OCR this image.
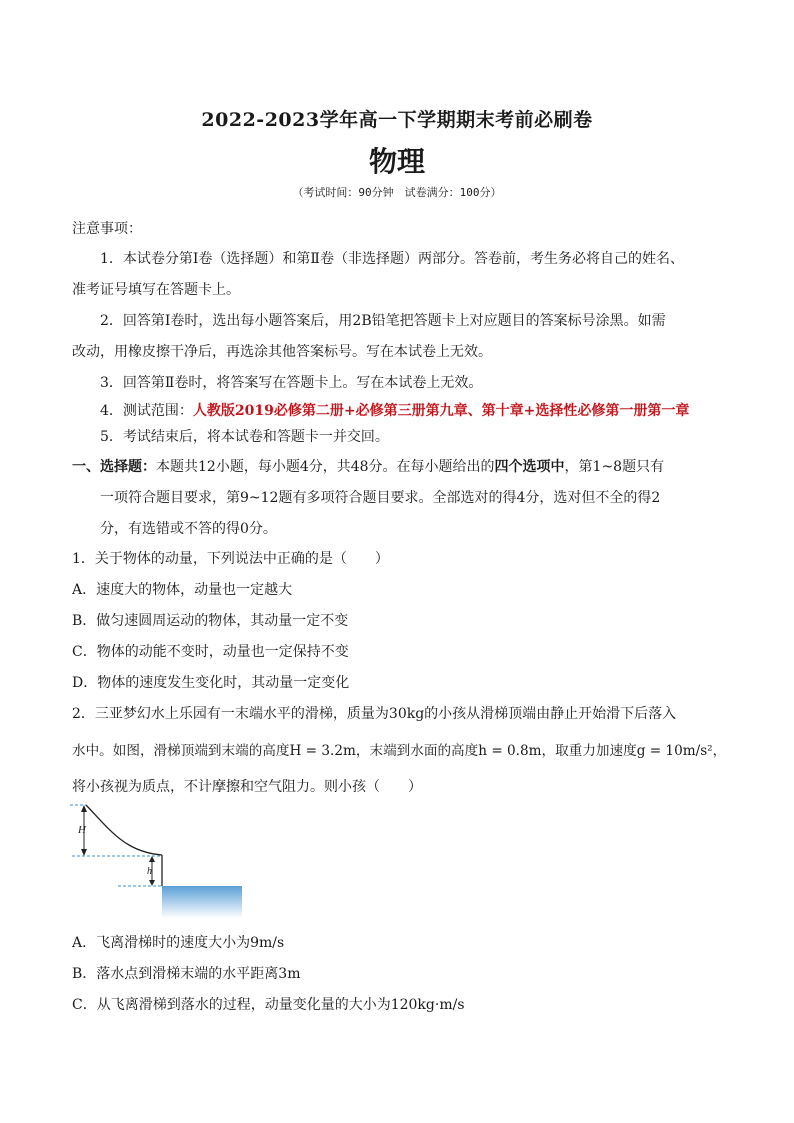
2022-2023学年高一下学期期末考前必刷卷
物理
（考试时间：90分钟　试卷满分：100分）
注意事项：
1．本试卷分第Ⅰ卷（选择题）和第Ⅱ卷（非选择题）两部分。答卷前，考生务必将自己的姓名、
准考证号填写在答题卡上。
2．回答第Ⅰ卷时，选出每小题答案后，用2B铅笔把答题卡上对应题目的答案标号涂黑。如需
改动，用橡皮擦干净后，再选涂其他答案标号。写在本试卷上无效。
3．回答第Ⅱ卷时，将答案写在答题卡上。写在本试卷上无效。
4．测试范围：人教版2019必修第二册+必修第三册第九章、第十章+选择性必修第一册第一章
5．考试结束后，将本试卷和答题卡一并交回。
一、选择题：本题共12小题，每小题4分，共48分。在每小题给出的四个选项中，第1~8题只有
一项符合题目要求，第9~12题有多项符合题目要求。全部选对的得4分，选对但不全的得2
分，有选错或不答的得0分。
1．关于物体的动量，下列说法中正确的是（　　）
A．速度大的物体，动量也一定越大
B．做匀速圆周运动的物体，其动量一定不变
C．物体的动能不变时，动量也一定保持不变
D．物体的速度发生变化时，其动量一定变化
2．三亚梦幻水上乐园有一末端水平的滑梯，质量为30kg的小孩从滑梯顶端由静止开始滑下后落入
水中。如图，滑梯顶端到末端的高度H = 3.2m，末端到水面的高度h = 0.8m，取重力加速度g = 10m/s²，
将小孩视为质点，不计摩擦和空气阻力。则小孩（　　）
H
h
A．飞离滑梯时的速度大小为9m/s
B．落水点到滑梯末端的水平距离3m
C．从飞离滑梯到落水的过程，动量变化量的大小为120kg·m/s
